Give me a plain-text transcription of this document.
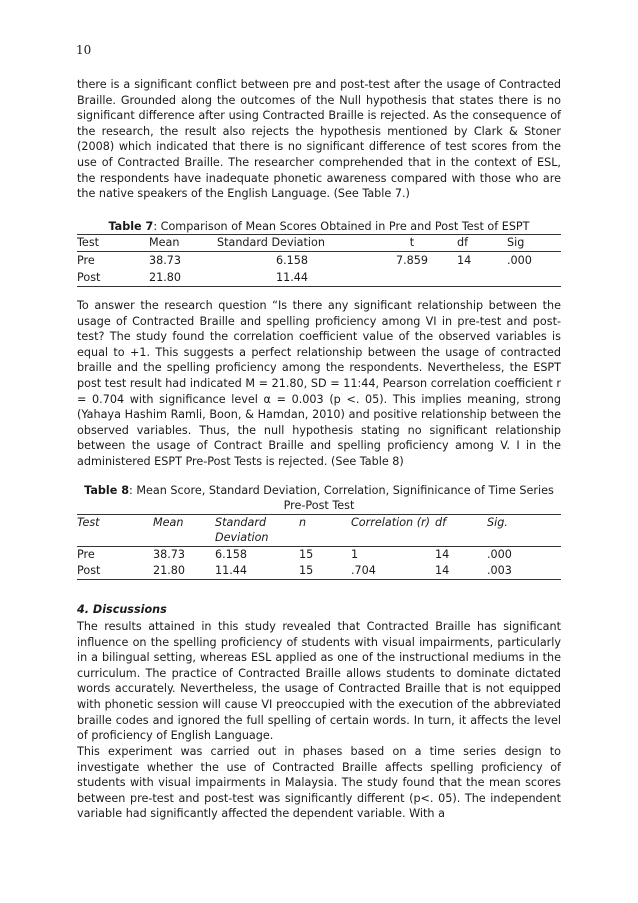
10

there is a significant conflict between pre and post-test after the usage of Contracted Braille. Grounded along the outcomes of the Null hypothesis that states there is no significant difference after using Contracted Braille is rejected. As the consequence of the research, the result also rejects the hypothesis mentioned by Clark & Stoner (2008) which indicated that there is no significant difference of test scores from the use of Contracted Braille. The researcher comprehended that in the context of ESL, the respondents have inadequate phonetic awareness compared with those who are the native speakers of the English Language. (See Table 7.)

Table 7: Comparison of Mean Scores Obtained in Pre and Post Test of ESPT

Test	Mean	Standard Deviation	t	df	Sig
Pre	38.73	6.158	7.859	14	.000
Post	21.80	11.44			

To answer the research question “Is there any significant relationship between the usage of Contracted Braille and spelling proficiency among VI in pre-test and post-test? The study found the correlation coefficient value of the observed variables is equal to +1. This suggests a perfect relationship between the usage of contracted braille and the spelling proficiency among the respondents. Nevertheless, the ESPT post test result had indicated M = 21.80, SD = 11:44, Pearson correlation coefficient r = 0.704 with significance level α = 0.003 (p <. 05). This implies meaning, strong (Yahaya Hashim Ramli, Boon, & Hamdan, 2010) and positive relationship between the observed variables. Thus, the null hypothesis stating no significant relationship between the usage of Contract Braille and spelling proficiency among V. I in the administered ESPT Pre-Post Tests is rejected. (See Table 8)

Table 8: Mean Score, Standard Deviation, Correlation, Signifinicance of Time Series Pre-Post Test

Test	Mean	Standard Deviation	n	Correlation (r)	df	Sig.
Pre	38.73	6.158	15	1	14	.000
Post	21.80	11.44	15	.704	14	.003

4. Discussions

The results attained in this study revealed that Contracted Braille has significant influence on the spelling proficiency of students with visual impairments, particularly in a bilingual setting, whereas ESL applied as one of the instructional mediums in the curriculum. The practice of Contracted Braille allows students to dominate dictated words accurately. Nevertheless, the usage of Contracted Braille that is not equipped with phonetic session will cause VI preoccupied with the execution of the abbreviated braille codes and ignored the full spelling of certain words. In turn, it affects the level of proficiency of English Language.

This experiment was carried out in phases based on a time series design to investigate whether the use of Contracted Braille affects spelling proficiency of students with visual impairments in Malaysia. The study found that the mean scores between pre-test and post-test was significantly different (p<. 05). The independent variable had significantly affected the dependent variable. With a
